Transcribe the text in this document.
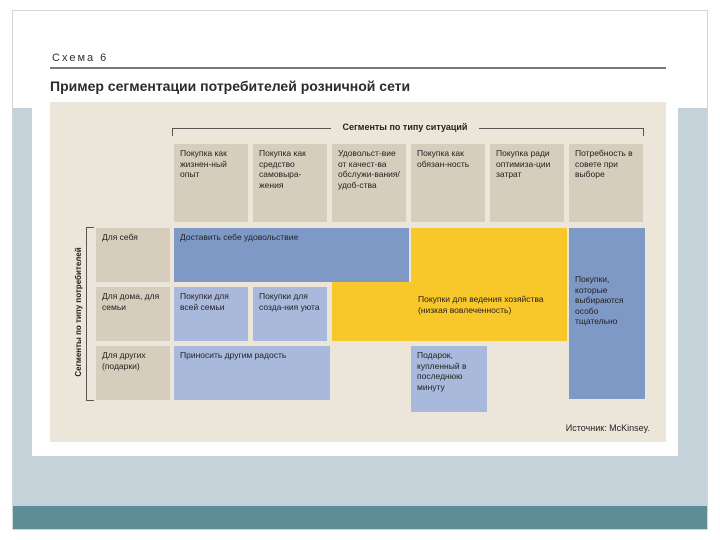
Схема 6
Пример сегментации потребителей розничной сети
Сегменты по типу ситуаций
Сегменты по типу потребителей
Покупка как жизнен-ный опыт
Покупка как средство самовыра-жения
Удовольст-вие от качест-ва обслужи-вания/удоб-ства
Покупка как обязан-ность
Покупка ради оптимиза-ции затрат
Потребность в совете при выборе
Для себя
Для дома, для семьи
Для других (подарки)
Доставить себе удовольствие
Покупки для ведения хозяйства (низкая вовлеченность)
Покупки, которые выбираются особо тщательно
Покупки для всей семьи
Покупки для созда-ния уюта
Приносить другим радость	Подарок, купленный в последнюю минуту
Источник: McKinsey.
